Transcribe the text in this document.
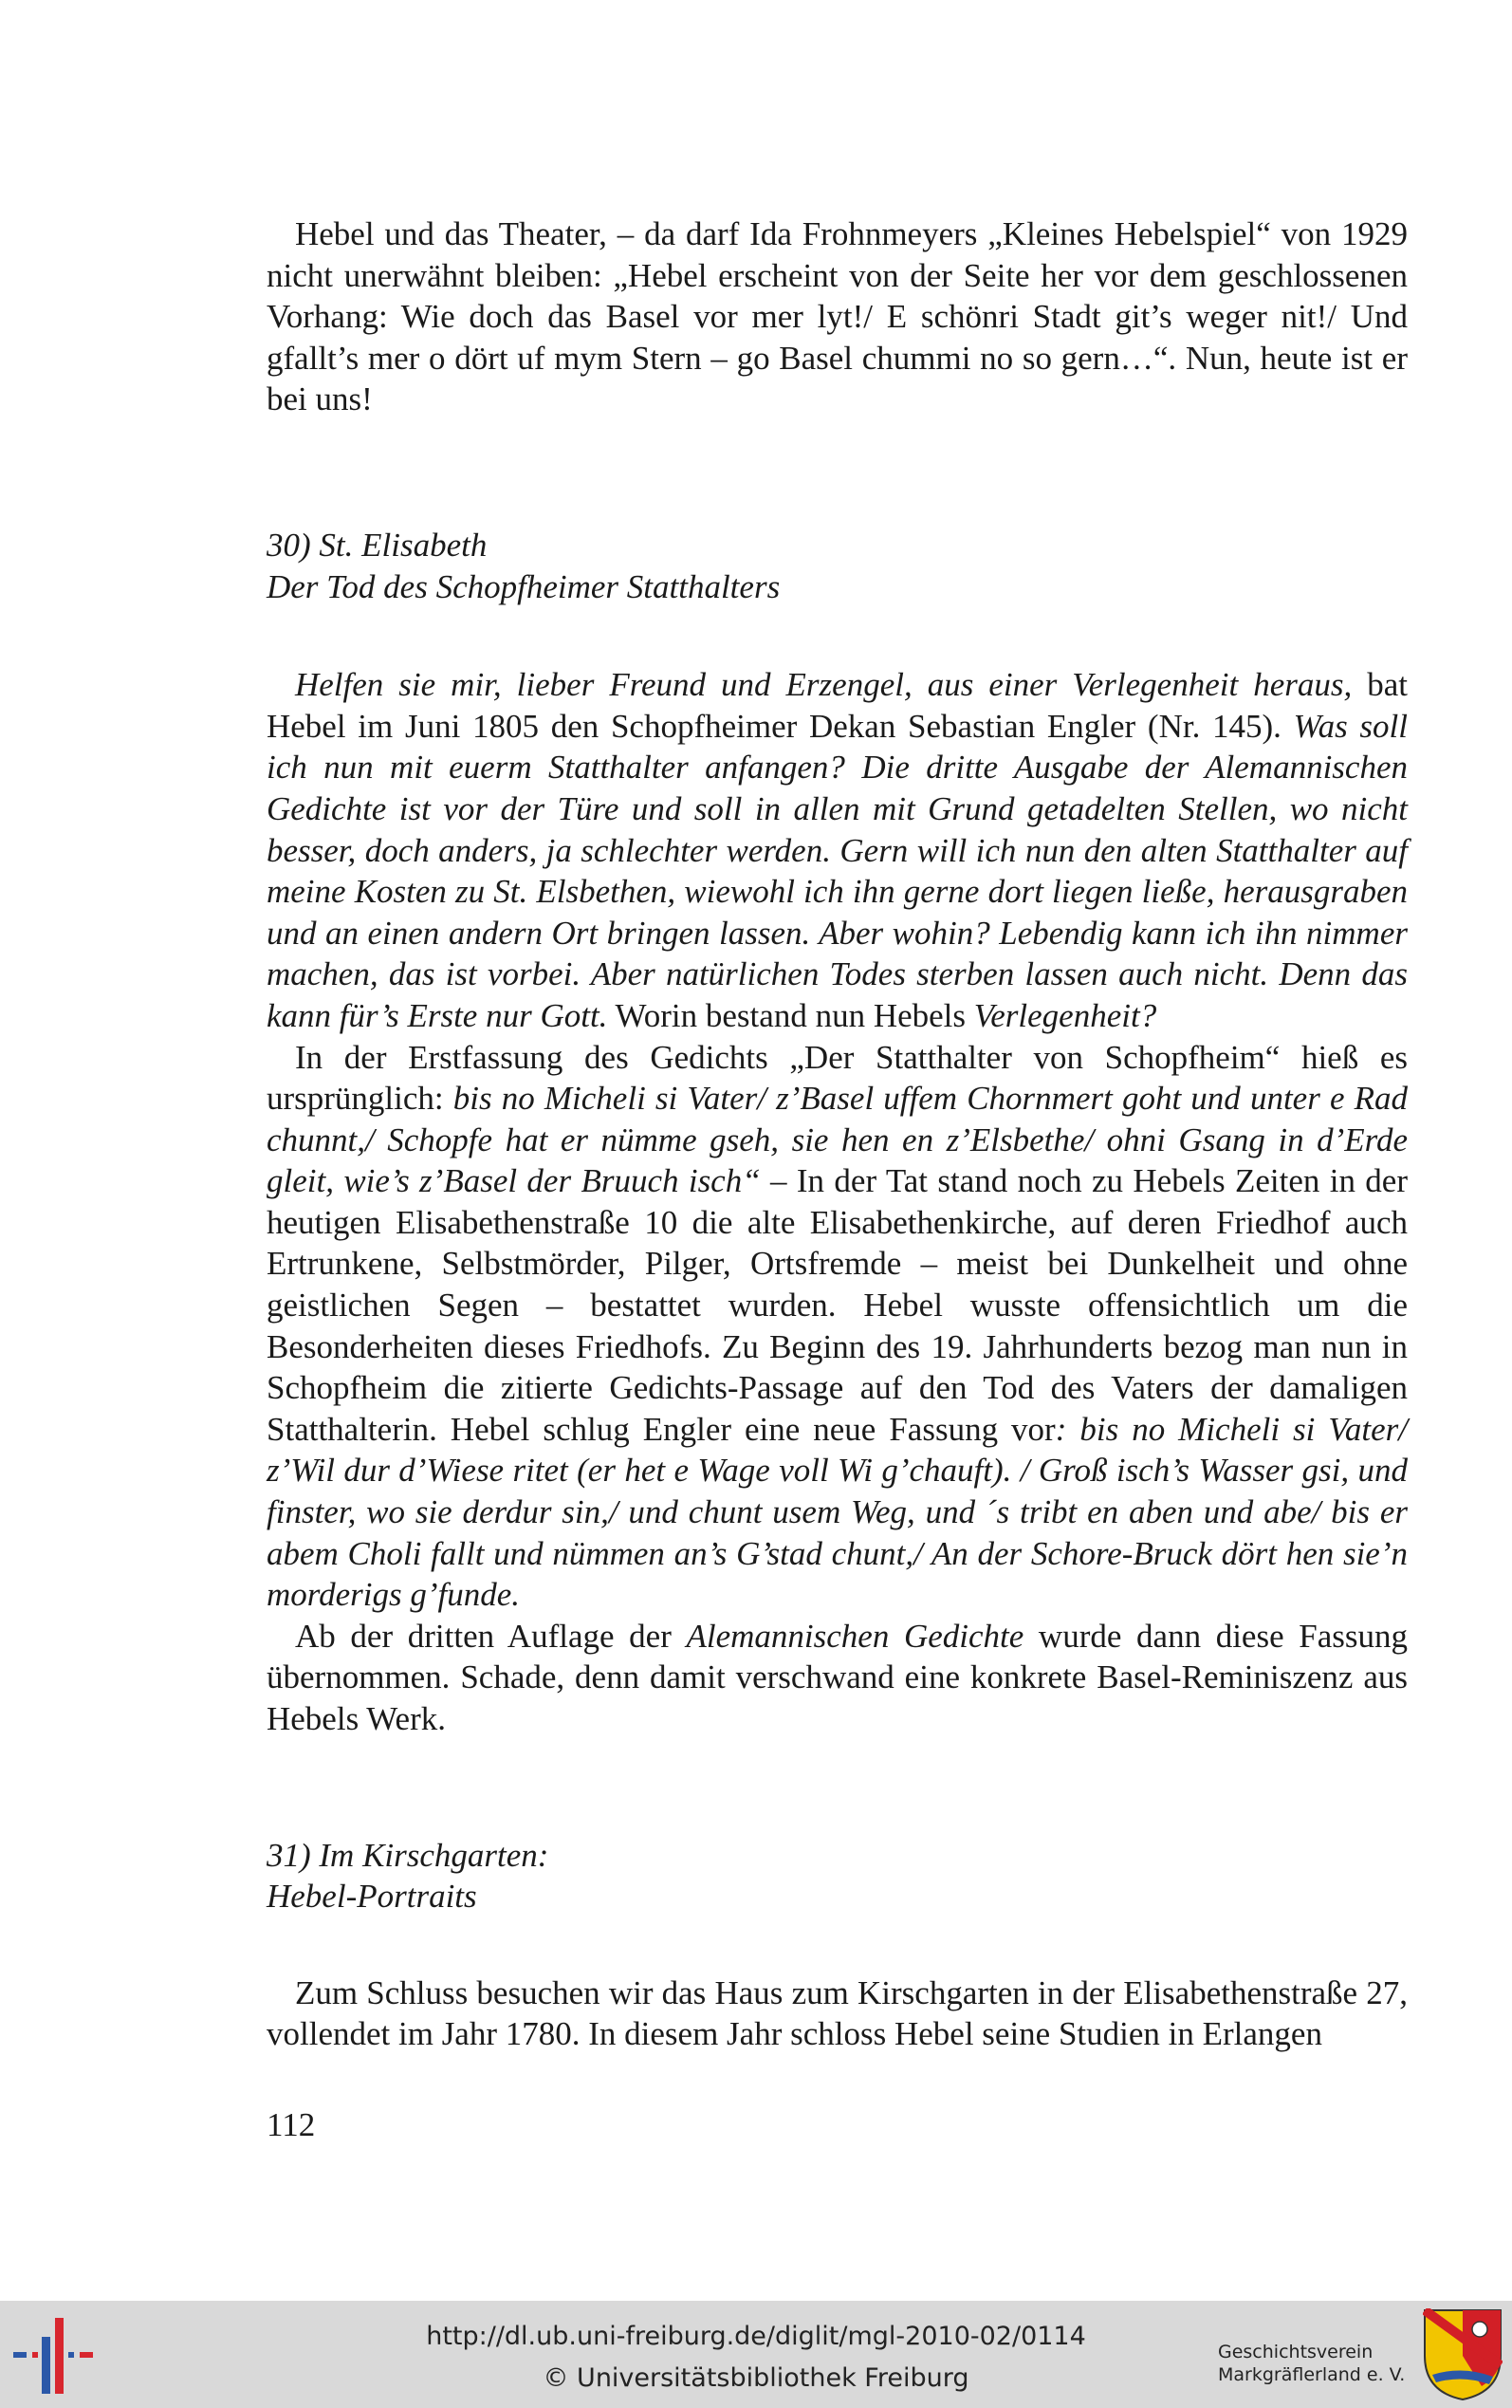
Hebel und das Theater, – da darf Ida Frohnmeyers „Kleines Hebelspiel“ von 1929 nicht unerwähnt bleiben: „Hebel erscheint von der Seite her vor dem geschlossenen Vorhang: Wie doch das Basel vor mer lyt!/ E schönri Stadt git’s weger nit!/ Und gfallt’s mer o dört uf mym Stern – go Basel chummi no so gern…“. Nun, heute ist er bei uns!

30) St. Elisabeth

Der Tod des Schopfheimer Statthalters

Helfen sie mir, lieber Freund und Erzengel, aus einer Verlegenheit heraus, bat Hebel im Juni 1805 den Schopfheimer Dekan Sebastian Engler (Nr. 145). Was soll ich nun mit euerm Statthalter anfangen? Die dritte Ausgabe der Alemannischen Gedichte ist vor der Türe und soll in allen mit Grund getadelten Stellen, wo nicht besser, doch anders, ja schlechter werden. Gern will ich nun den alten Statthalter auf meine Kosten zu St. Elsbethen, wiewohl ich ihn gerne dort liegen ließe, herausgraben und an einen andern Ort bringen lassen. Aber wohin? Lebendig kann ich ihn nimmer machen, das ist vorbei. Aber natürlichen Todes sterben lassen auch nicht. Denn das kann für’s Erste nur Gott. Worin bestand nun Hebels Verlegenheit?

In der Erstfassung des Gedichts „Der Statthalter von Schopfheim“ hieß es ursprünglich: bis no Micheli si Vater/ z’Basel uffem Chornmert goht und unter e Rad chunnt,/ Schopfe hat er nümme gseh, sie hen en z’Elsbethe/ ohni Gsang in d’Erde gleit, wie’s z’Basel der Bruuch isch“ – In der Tat stand noch zu Hebels Zeiten in der heutigen Elisabethenstraße 10 die alte Elisabethenkirche, auf deren Friedhof auch Ertrunkene, Selbstmörder, Pilger, Ortsfremde – meist bei Dunkelheit und ohne geistlichen Segen – bestattet wurden. Hebel wusste offensichtlich um die Besonderheiten dieses Friedhofs. Zu Beginn des 19. Jahrhunderts bezog man nun in Schopfheim die zitierte Gedichts-Passage auf den Tod des Vaters der damaligen Statthalterin. Hebel schlug Engler eine neue Fassung vor: bis no Micheli si Vater/ z’Wil dur d’Wiese ritet (er het e Wage voll Wi g’chauft). / Groß isch’s Wasser gsi, und finster, wo sie derdur sin,/ und chunt usem Weg, und ´s tribt en aben und abe/ bis er abem Choli fallt und nümmen an’s G’stad chunt,/ An der Schore-Bruck dört hen sie’n morderigs g’funde.

Ab der dritten Auflage der Alemannischen Gedichte wurde dann diese Fassung übernommen. Schade, denn damit verschwand eine konkrete Basel-Reminiszenz aus Hebels Werk.

31) Im Kirschgarten:

Hebel-Portraits

Zum Schluss besuchen wir das Haus zum Kirschgarten in der Elisabethenstraße 27, vollendet im Jahr 1780. In diesem Jahr schloss Hebel seine Studien in Erlangen

112

http://dl.ub.uni-freiburg.de/diglit/mgl-2010-02/0114
© Universitätsbibliothek Freiburg
Geschichtsverein
Markgräflerland e. V.
